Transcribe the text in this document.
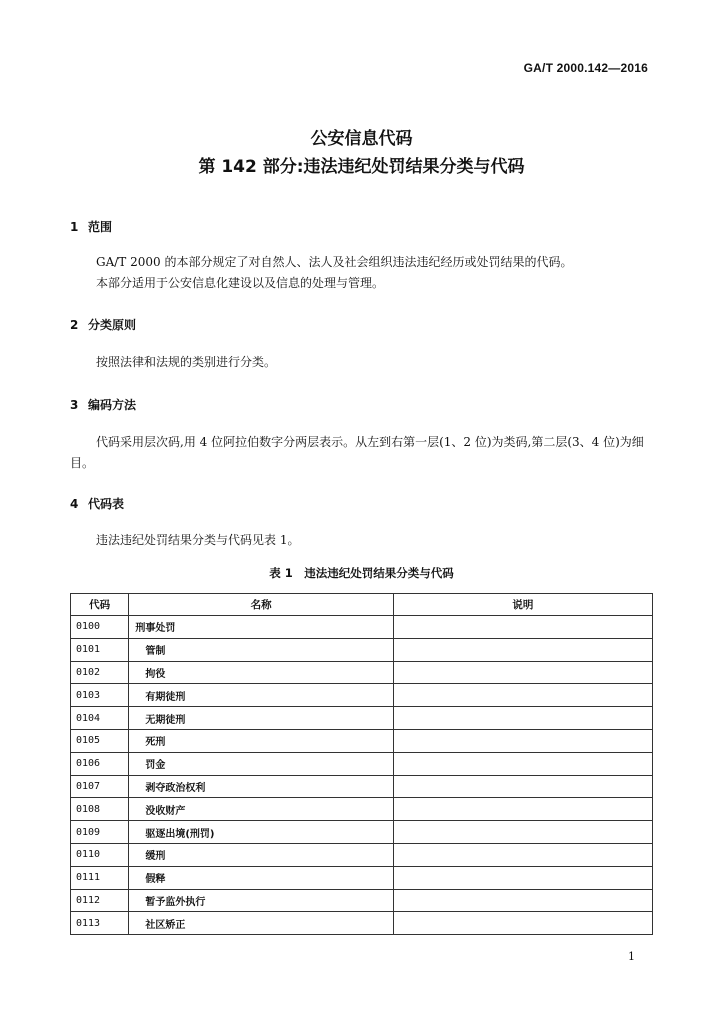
GA/T 2000.142—2016
公安信息代码
第 142 部分:违法违纪处罚结果分类与代码
1 范围
GA/T 2000 的本部分规定了对自然人、法人及社会组织违法违纪经历或处罚结果的代码。
本部分适用于公安信息化建设以及信息的处理与管理。
2 分类原则
按照法律和法规的类别进行分类。
3 编码方法
代码采用层次码,用 4 位阿拉伯数字分两层表示。从左到右第一层(1、2 位)为类码,第二层(3、4 位)为细目。
4 代码表
违法违纪处罚结果分类与代码见表 1。
表 1　违法违纪处罚结果分类与代码
代码	名称	说明
0100	刑事处罚	
0101	管制	
0102	拘役	
0103	有期徒刑	
0104	无期徒刑	
0105	死刑	
0106	罚金	
0107	剥夺政治权利	
0108	没收财产	
0109	驱逐出境(刑罚)	
0110	缓刑	
0111	假释	
0112	暂予监外执行	
0113	社区矫正	
1
